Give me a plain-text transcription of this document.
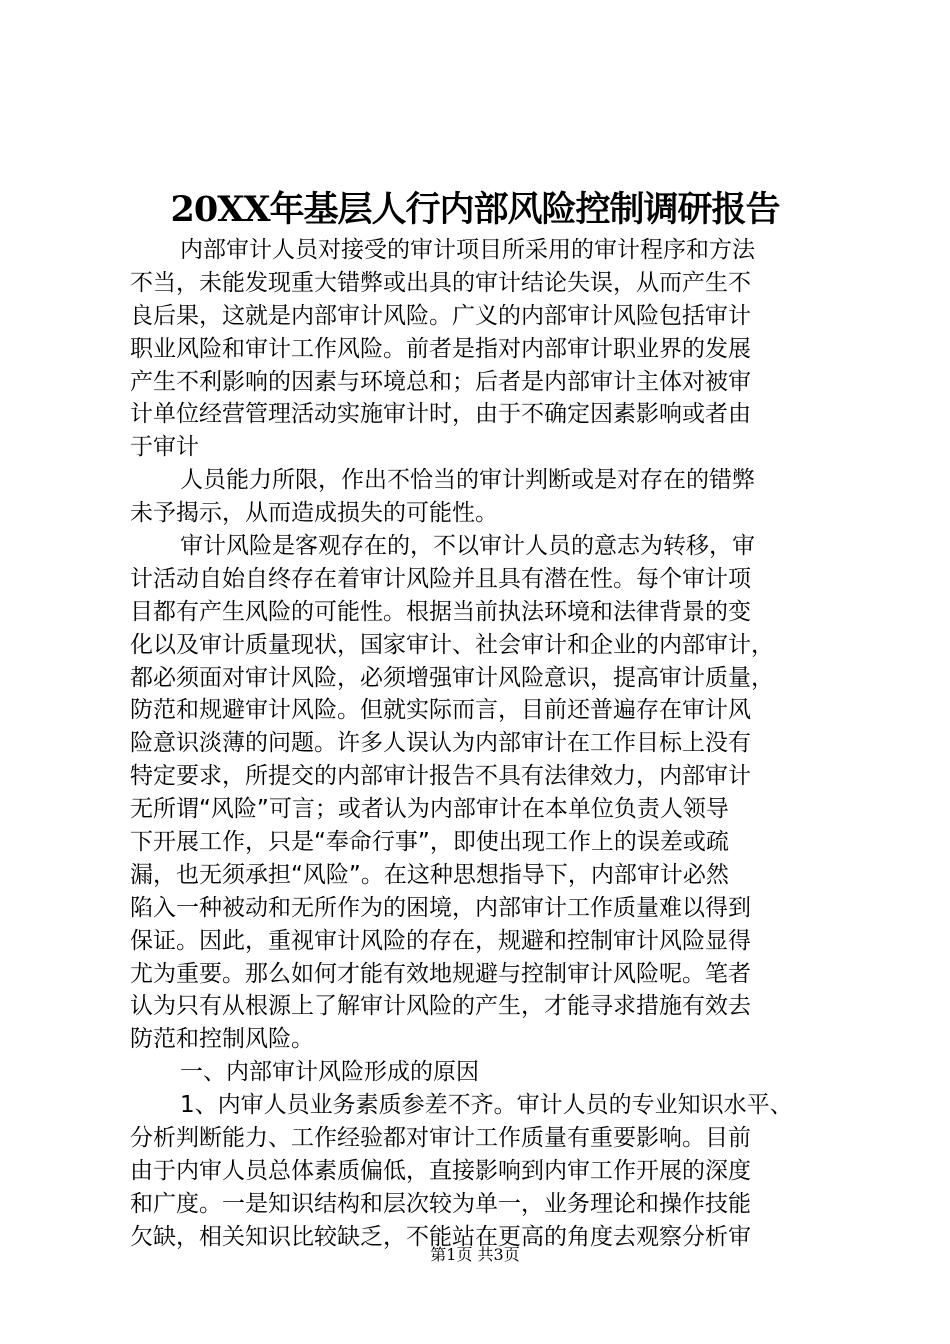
20XX年基层人行内部风险控制调研报告
内部审计人员对接受的审计项目所采用的审计程序和方法
不当，未能发现重大错弊或出具的审计结论失误，从而产生不
良后果，这就是内部审计风险。广义的内部审计风险包括审计
职业风险和审计工作风险。前者是指对内部审计职业界的发展
产生不利影响的因素与环境总和；后者是内部审计主体对被审
计单位经营管理活动实施审计时，由于不确定因素影响或者由
于审计
人员能力所限，作出不恰当的审计判断或是对存在的错弊
未予揭示，从而造成损失的可能性。
审计风险是客观存在的，不以审计人员的意志为转移，审
计活动自始自终存在着审计风险并且具有潜在性。每个审计项
目都有产生风险的可能性。根据当前执法环境和法律背景的变
化以及审计质量现状，国家审计、社会审计和企业的内部审计，
都必须面对审计风险，必须增强审计风险意识，提高审计质量，
防范和规避审计风险。但就实际而言，目前还普遍存在审计风
险意识淡薄的问题。许多人误认为内部审计在工作目标上没有
特定要求，所提交的内部审计报告不具有法律效力，内部审计
无所谓“风险”可言；或者认为内部审计在本单位负责人领导
下开展工作，只是“奉命行事”，即使出现工作上的误差或疏
漏，也无须承担“风险”。在这种思想指导下，内部审计必然
陷入一种被动和无所作为的困境，内部审计工作质量难以得到
保证。因此，重视审计风险的存在，规避和控制审计风险显得
尤为重要。那么如何才能有效地规避与控制审计风险呢。笔者
认为只有从根源上了解审计风险的产生，才能寻求措施有效去
防范和控制风险。
一、内部审计风险形成的原因
1、内审人员业务素质参差不齐。审计人员的专业知识水平、
分析判断能力、工作经验都对审计工作质量有重要影响。目前
由于内审人员总体素质偏低，直接影响到内审工作开展的深度
和广度。一是知识结构和层次较为单一，业务理论和操作技能
欠缺，相关知识比较缺乏，不能站在更高的角度去观察分析审
第1页 共3页
